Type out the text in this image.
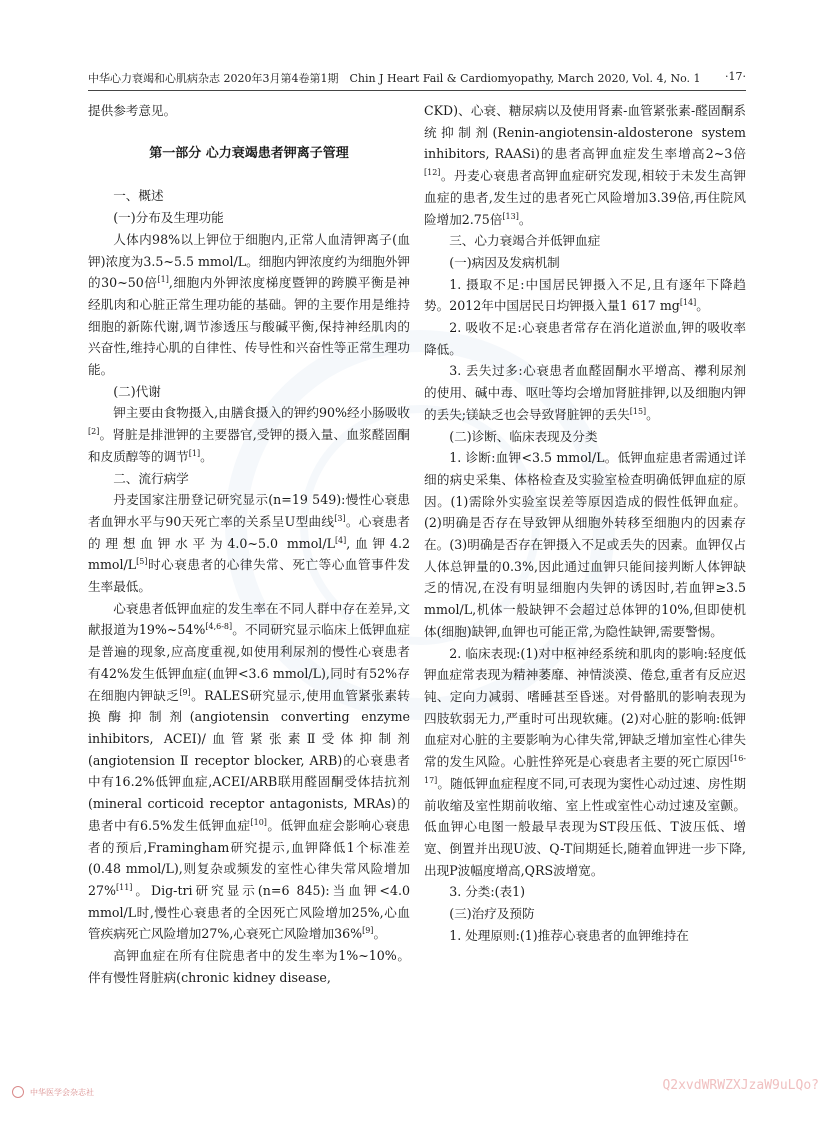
中华心力衰竭和心肌病杂志 2020年3月第4卷第1期　Chin J Heart Fail & Cardiomyopathy, March 2020, Vol. 4, No. 1 ·17·

提供参考意见。

第一部分 心力衰竭患者钾离子管理

一、概述

(一)分布及生理功能

人体内98%以上钾位于细胞内,正常人血清钾离子(血钾)浓度为3.5~5.5 mmol/L。细胞内钾浓度约为细胞外钾的30~50倍[1],细胞内外钾浓度梯度暨钾的跨膜平衡是神经肌肉和心脏正常生理功能的基础。钾的主要作用是维持细胞的新陈代谢,调节渗透压与酸碱平衡,保持神经肌肉的兴奋性,维持心肌的自律性、传导性和兴奋性等正常生理功能。

(二)代谢

钾主要由食物摄入,由膳食摄入的钾约90%经小肠吸收[2]。肾脏是排泄钾的主要器官,受钾的摄入量、血浆醛固酮和皮质醇等的调节[1]。

二、流行病学

丹麦国家注册登记研究显示(n=19 549):慢性心衰患者血钾水平与90天死亡率的关系呈U型曲线[3]。心衰患者的理想血钾水平为4.0~5.0 mmol/L[4],血钾4.2 mmol/L[5]时心衰患者的心律失常、死亡等心血管事件发生率最低。

心衰患者低钾血症的发生率在不同人群中存在差异,文献报道为19%~54%[4,6-8]。不同研究显示临床上低钾血症是普遍的现象,应高度重视,如使用利尿剂的慢性心衰患者有42%发生低钾血症(血钾<3.6 mmol/L),同时有52%存在细胞内钾缺乏[9]。RALES研究显示,使用血管紧张素转换酶抑制剂(angiotensin converting enzyme inhibitors, ACEI)/血管紧张素Ⅱ受体抑制剂(angiotension Ⅱ receptor blocker, ARB)的心衰患者中有16.2%低钾血症,ACEI/ARB联用醛固酮受体拮抗剂(mineral corticoid receptor antagonists, MRAs)的患者中有6.5%发生低钾血症[10]。低钾血症会影响心衰患者的预后,Framingham研究提示,血钾降低1个标准差(0.48 mmol/L),则复杂或频发的室性心律失常风险增加27%[11]。Dig-tri研究显示(n=6 845):当血钾<4.0 mmol/L时,慢性心衰患者的全因死亡风险增加25%,心血管疾病死亡风险增加27%,心衰死亡风险增加36%[9]。

高钾血症在所有住院患者中的发生率为1%~10%。伴有慢性肾脏病(chronic kidney disease,

CKD)、心衰、糖尿病以及使用肾素-血管紧张素-醛固酮系统抑制剂(Renin-angiotensin-aldosterone system inhibitors, RAASi)的患者高钾血症发生率增高2~3倍[12]。丹麦心衰患者高钾血症研究发现,相较于未发生高钾血症的患者,发生过的患者死亡风险增加3.39倍,再住院风险增加2.75倍[13]。

三、心力衰竭合并低钾血症

(一)病因及发病机制

1. 摄取不足:中国居民钾摄入不足,且有逐年下降趋势。2012年中国居民日均钾摄入量1 617 mg[14]。

2. 吸收不足:心衰患者常存在消化道淤血,钾的吸收率降低。

3. 丢失过多:心衰患者血醛固酮水平增高、襻利尿剂的使用、碱中毒、呕吐等均会增加肾脏排钾,以及细胞内钾的丢失;镁缺乏也会导致肾脏钾的丢失[15]。

(二)诊断、临床表现及分类

1. 诊断:血钾<3.5 mmol/L。低钾血症患者需通过详细的病史采集、体格检查及实验室检查明确低钾血症的原因。(1)需除外实验室误差等原因造成的假性低钾血症。(2)明确是否存在导致钾从细胞外转移至细胞内的因素存在。(3)明确是否存在钾摄入不足或丢失的因素。血钾仅占人体总钾量的0.3%,因此通过血钾只能间接判断人体钾缺乏的情况,在没有明显细胞内失钾的诱因时,若血钾≥3.5 mmol/L,机体一般缺钾不会超过总体钾的10%,但即使机体(细胞)缺钾,血钾也可能正常,为隐性缺钾,需要警惕。

2. 临床表现:(1)对中枢神经系统和肌肉的影响:轻度低钾血症常表现为精神萎靡、神情淡漠、倦怠,重者有反应迟钝、定向力减弱、嗜睡甚至昏迷。对骨骼肌的影响表现为四肢软弱无力,严重时可出现软瘫。(2)对心脏的影响:低钾血症对心脏的主要影响为心律失常,钾缺乏增加室性心律失常的发生风险。心脏性猝死是心衰患者主要的死亡原因[16-17]。随低钾血症程度不同,可表现为窦性心动过速、房性期前收缩及室性期前收缩、室上性或室性心动过速及室颤。低血钾心电图一般最早表现为ST段压低、T波压低、增宽、倒置并出现U波、Q-T间期延长,随着血钾进一步下降,出现P波幅度增高,QRS波增宽。

3. 分类:(表1)

(三)治疗及预防

1. 处理原则:(1)推荐心衰患者的血钾维持在

中华医学会杂志社	Q2xvdWRWZXJzaW9uLQo?
